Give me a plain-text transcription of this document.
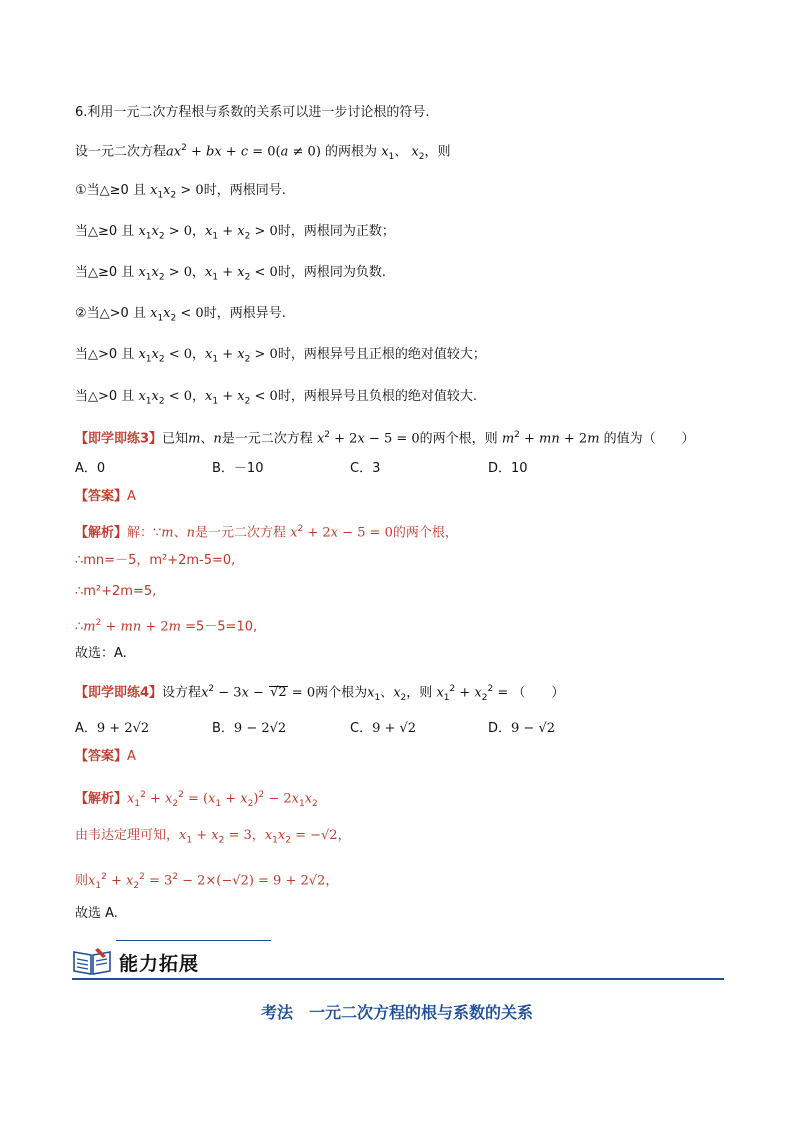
6.利用一元二次方程根与系数的关系可以进一步讨论根的符号.
设一元二次方程$ax^2$ + bx + c = 0(a ≠ 0) 的两根为 $x_1$、 $x_2$，则
①当△≥0 且 $x_1x_2 > 0$时，两根同号.
当△≥0 且 $x_1x_2 > 0$，$x_1 + x_2 > 0$时，两根同为正数；
当△≥0 且 $x_1x_2 > 0$，$x_1 + x_2 < 0$时，两根同为负数.
②当△>0 且 $x_1x_2 < 0$时，两根异号.
当△>0 且 $x_1x_2 < 0$，$x_1 + x_2 > 0$时，两根异号且正根的绝对值较大；
当△>0 且 $x_1x_2 < 0$，$x_1 + x_2 < 0$时，两根异号且负根的绝对值较大.
【即学即练3】已知m、n是一元二次方程 $x^2 + 2x - 5 = 0$的两个根，则 $m^2$ + mn + 2m 的值为（　　）
A．0	B．－10	C．3	D．10
【答案】A
【解析】解：∵m、n是一元二次方程 $x^2 + 2x - 5 = 0$的两个根，
∴mn=－5，m²+2m-5=0,
∴m²+2m=5,
$\therefore m^2$ + mn + 2m =5－5=10,
故选：A.
【即学即练4】设方程$x^2 - 3x - √2 = 0$两个根为$x_1$、$x_2$，则 $x_1^2 + x_2^2$ = （　　）
A．9 + 2√2	B．9 − 2√2	C．9 + √2	D．9 − √2
【答案】A
【解析】$x_1^2 + x_2^2 = (x_1 + x_2)^2 - 2x_1x_2$
由韦达定理可知，$x_1 + x_2 = 3$，$x_1x_2 = -√2$，
则$x_1^2 + x_2^2 = 3^2 - 2\times(-√2) = 9 + 2√2$，
故选 A.
能力拓展
考法　一元二次方程的根与系数的关系
